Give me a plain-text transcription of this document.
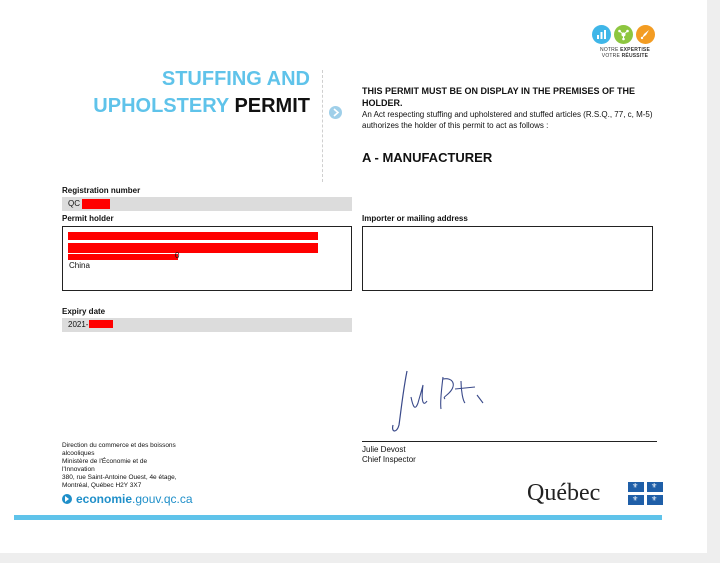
NOTRE EXPERTISE
VOTRE RÉUSSITE
STUFFING AND
UPHOLSTERY PERMIT
THIS PERMIT MUST BE ON DISPLAY IN THE PREMISES OF THE HOLDER.
An Act respecting stuffing and upholstered and stuffed articles (R.S.Q., 77, c, M-5) authorizes the holder of this permit to act as follows :
A - MANUFACTURER
Registration number
QC
Permit holder
0
China
Importer or mailing address
Expiry date
2021-
Julie Devost
Chief Inspector
Direction du commerce et des boissons
alcooliques
Ministère de l'Économie et de
l'Innovation
380, rue Saint-Antoine Ouest, 4e étage,
Montréal, Québec H2Y 3X7
economie.gouv.qc.ca	Québec	⚜ ⚜
⚜ ⚜
